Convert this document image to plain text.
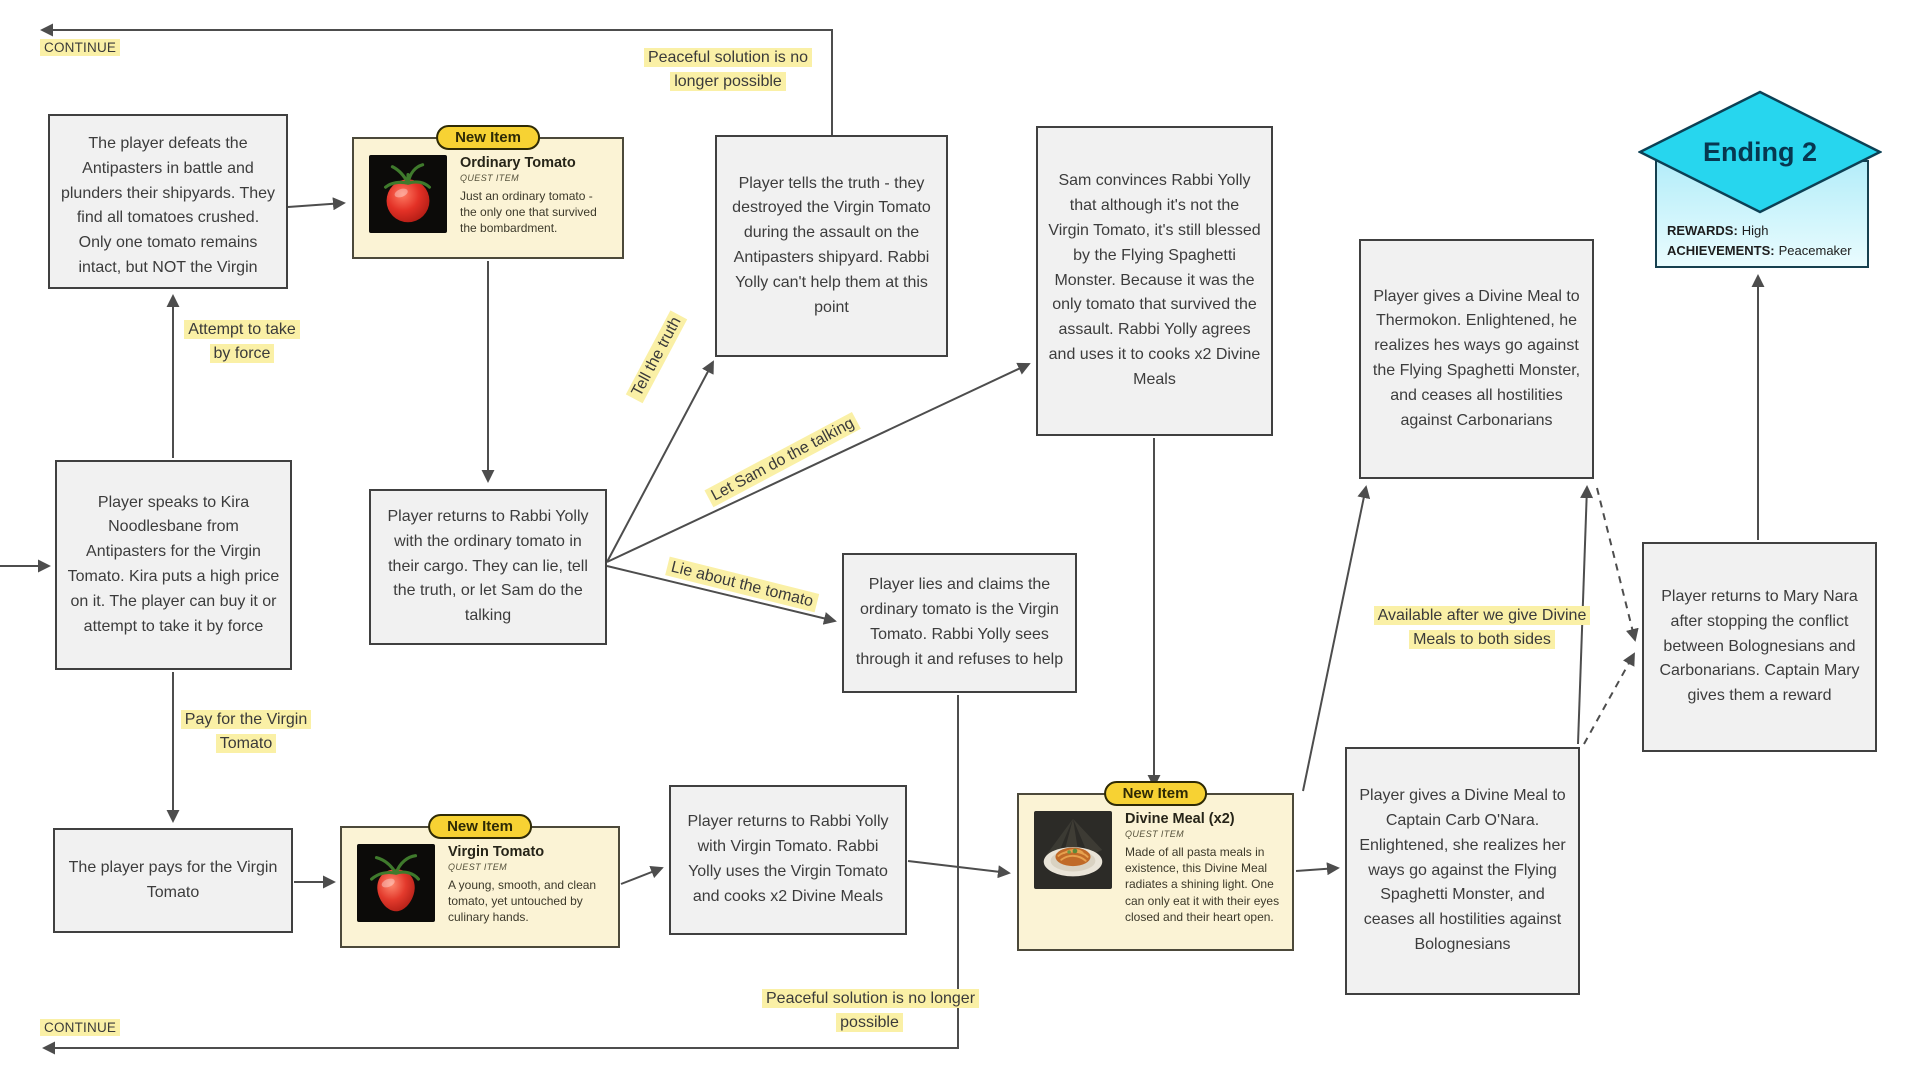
The player defeats the Antipasters in battle and plunders their shipyards. They find all tomatoes crushed. Only one tomato remains intact, but NOT the Virgin
Player speaks to Kira Noodlesbane from Antipasters for the Virgin Tomato. Kira puts a high price on it. The player can buy it or attempt to take it by force
The player pays for the Virgin Tomato
Player tells the truth - they destroyed the Virgin Tomato during the assault on the Antipasters shipyard. Rabbi Yolly can't help them at this point
Player returns to Rabbi Yolly with the ordinary tomato in their cargo. They can lie, tell the truth, or let Sam do the talking
Player lies and claims the ordinary tomato is the Virgin Tomato. Rabbi Yolly sees through it and refuses to help
Sam convinces Rabbi Yolly that although it's not the Virgin Tomato, it's still blessed by the Flying Spaghetti Monster. Because it was the only tomato that survived the assault. Rabbi Yolly agrees and uses it to cooks x2 Divine Meals
Player returns to Rabbi Yolly with Virgin Tomato. Rabbi Yolly uses the Virgin Tomato and cooks x2 Divine Meals
Player gives a Divine Meal to Thermokon. Enlightened, he realizes hes ways go against the Flying Spaghetti Monster, and ceases all hostilities against Carbonarians
Player gives a Divine Meal to Captain Carb O'Nara. Enlightened, she realizes her ways go against the Flying Spaghetti Monster, and ceases all hostilities against Bolognesians
Player returns to Mary Nara after stopping the conflict between Bolognesians and Carbonarians. Captain Mary gives them a reward
CONTINUE
CONTINUE
Peaceful solution is no longer possible
Peaceful solution is no longer possible
Attempt to take by force
Pay for the Virgin Tomato
Tell the truth
Let Sam do the talking
Lie about the tomato
Available after we give Divine Meals to both sides
New Item
Ordinary Tomato
QUEST ITEM
Just an ordinary tomato - the only one that survived the bombardment.
New Item
Virgin Tomato
QUEST ITEM
A young, smooth, and clean tomato, yet untouched by culinary hands.
New Item
Divine Meal (x2)
QUEST ITEM
Made of all pasta meals in existence, this Divine Meal radiates a shining light. One can only eat it with their eyes closed and their heart open.
REWARDS: High
ACHIEVEMENTS: Peacemaker
Ending 2
